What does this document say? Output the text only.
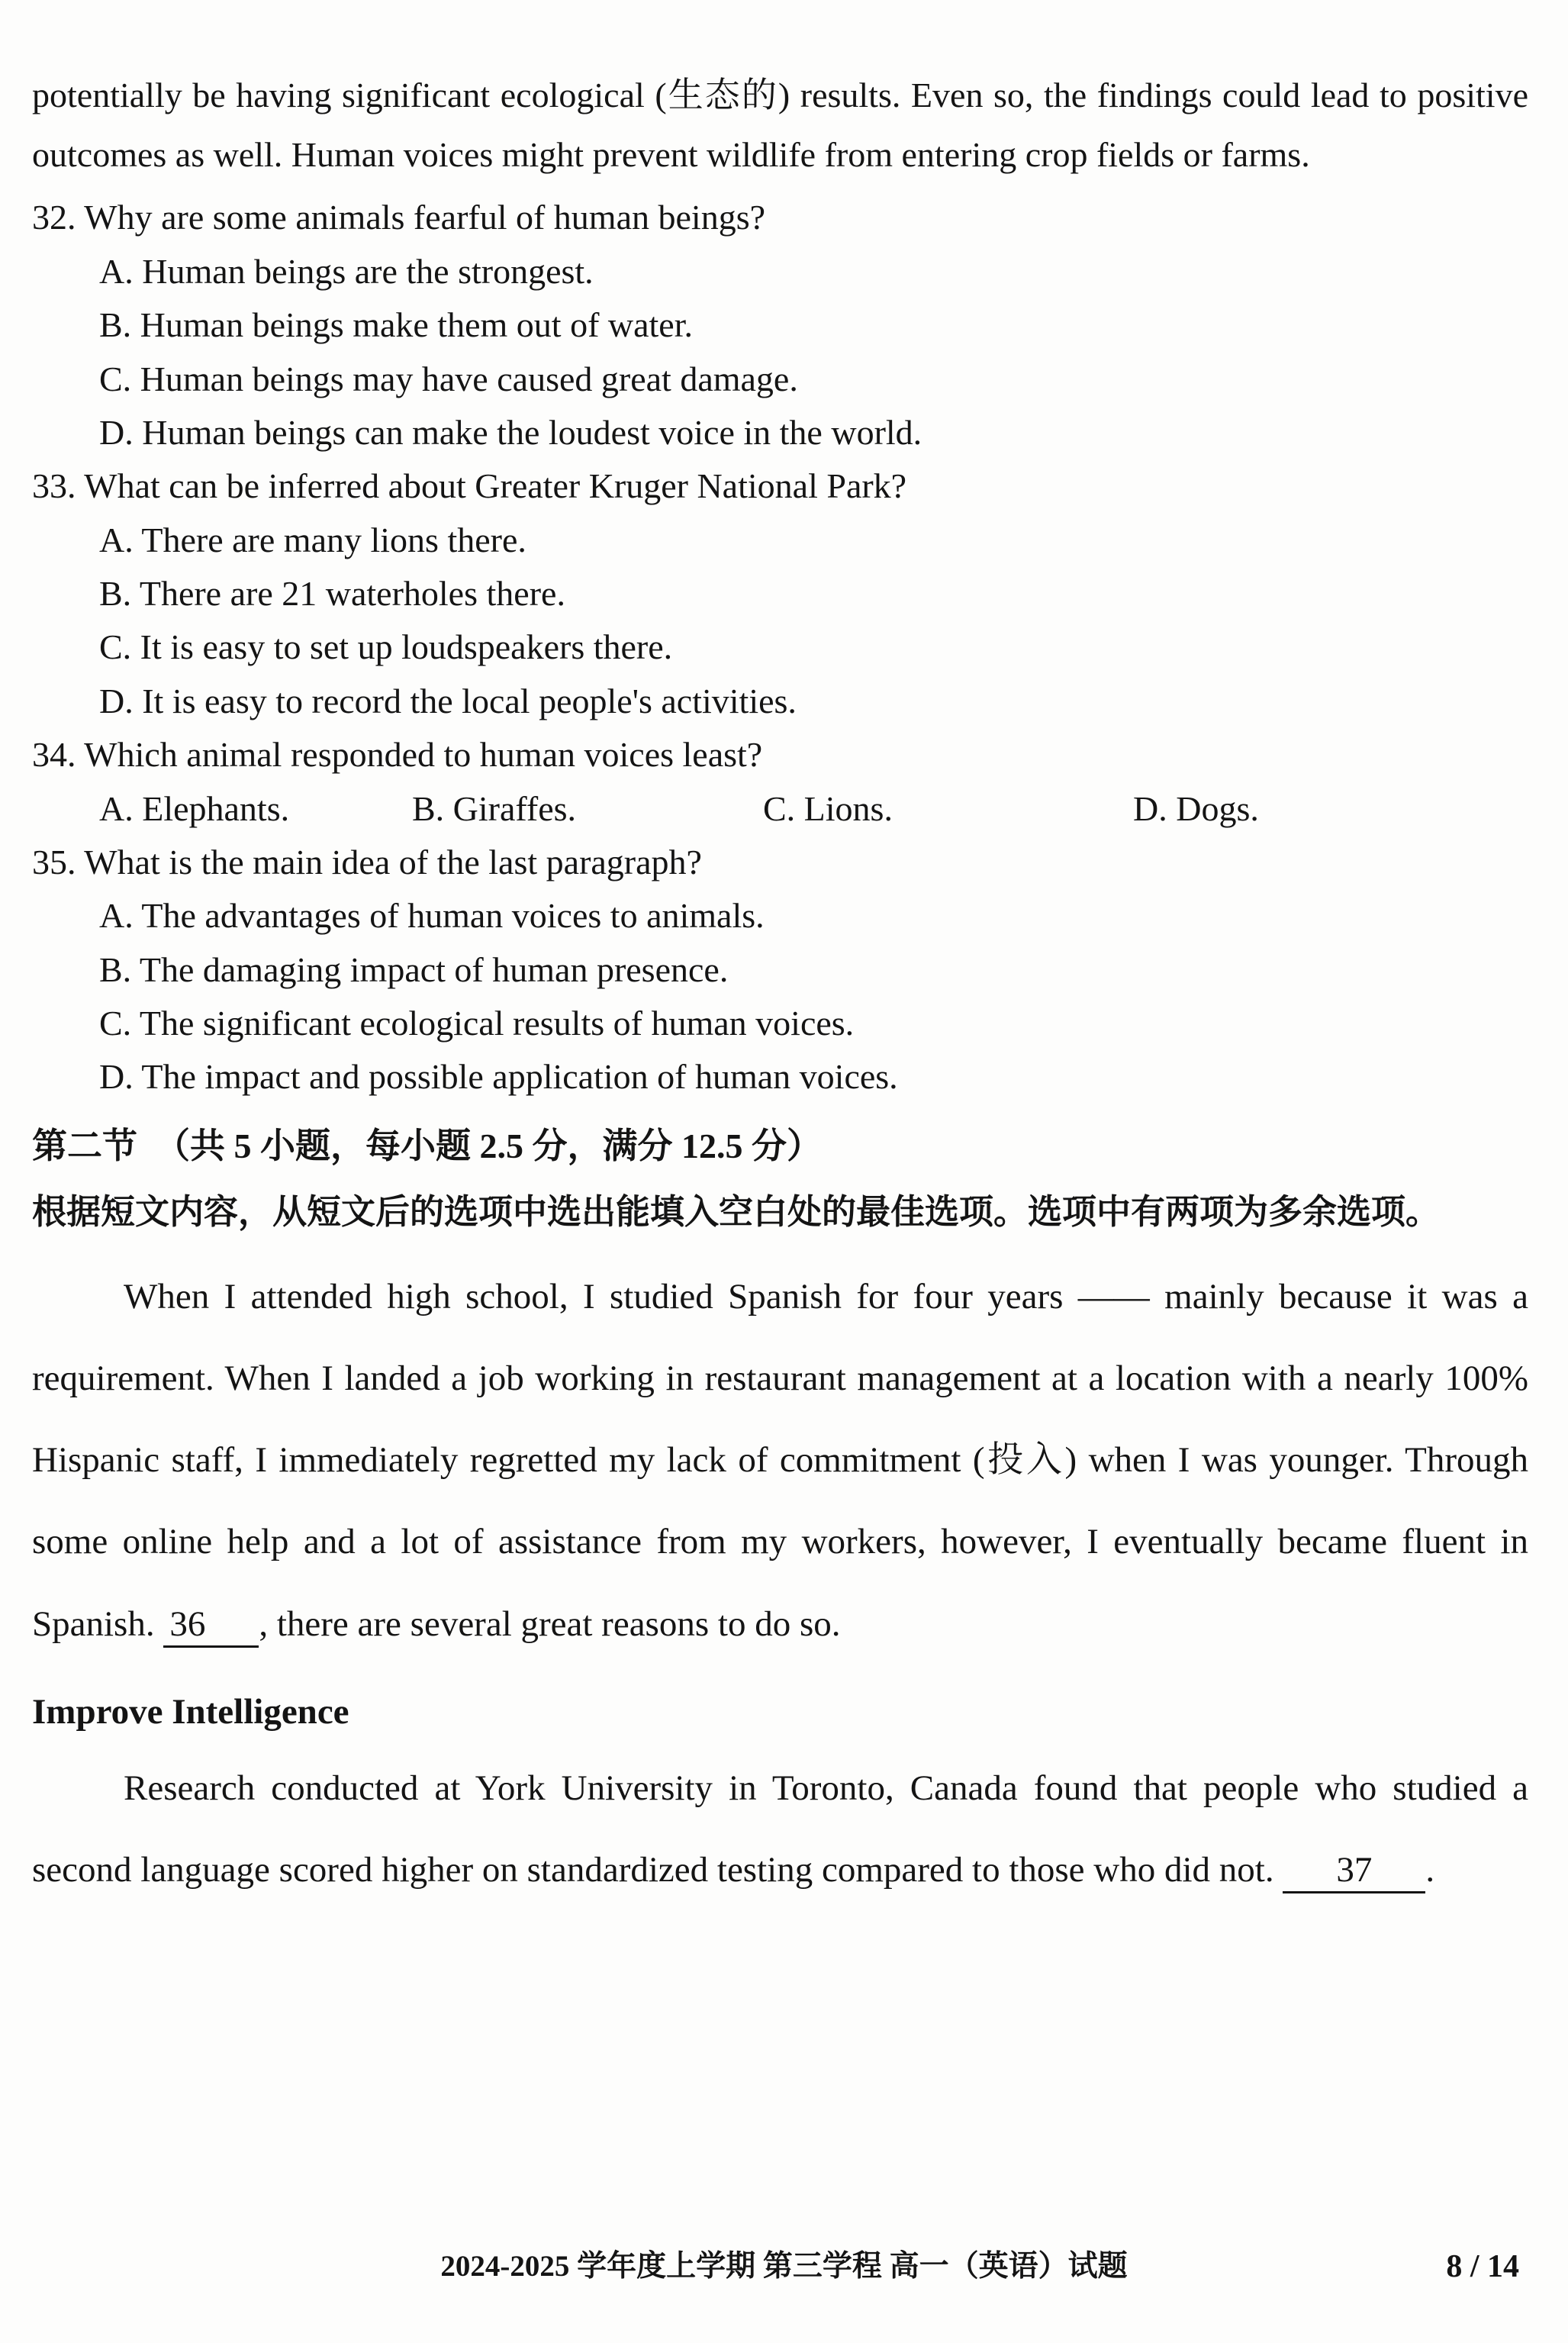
potentially be having significant ecological (生态的) results. Even so, the findings could lead to positive outcomes as well. Human voices might prevent wildlife from entering crop fields or farms.

32. Why are some animals fearful of human beings?
A. Human beings are the strongest.
B. Human beings make them out of water.
C. Human beings may have caused great damage.
D. Human beings can make the loudest voice in the world.
33. What can be inferred about Greater Kruger National Park?
A. There are many lions there.
B. There are 21 waterholes there.
C. It is easy to set up loudspeakers there.
D. It is easy to record the local people's activities.
34. Which animal responded to human voices least?
A. Elephants.	B. Giraffes.	C. Lions.	D. Dogs.
35. What is the main idea of the last paragraph?
A. The advantages of human voices to animals.
B. The damaging impact of human presence.
C. The significant ecological results of human voices.
D. The impact and possible application of human voices.
第二节　（共 5 小题，每小题 2.5 分，满分 12.5 分）

根据短文内容，从短文后的选项中选出能填入空白处的最佳选项。选项中有两项为多余选项。

When I attended high school, I studied Spanish for four years —— mainly because it was a requirement. When I landed a job working in restaurant management at a location with a nearly 100% Hispanic staff, I immediately regretted my lack of commitment (投入) when I was younger. Through some online help and a lot of assistance from my workers, however, I eventually became fluent in Spanish. 36 , there are several great reasons to do so.

Improve Intelligence

Research conducted at York University in Toronto, Canada found that people who studied a second language scored higher on standardized testing compared to those who did not. 37 .

2024-2025 学年度上学期 第三学程 高一（英语）试题	8 / 14
